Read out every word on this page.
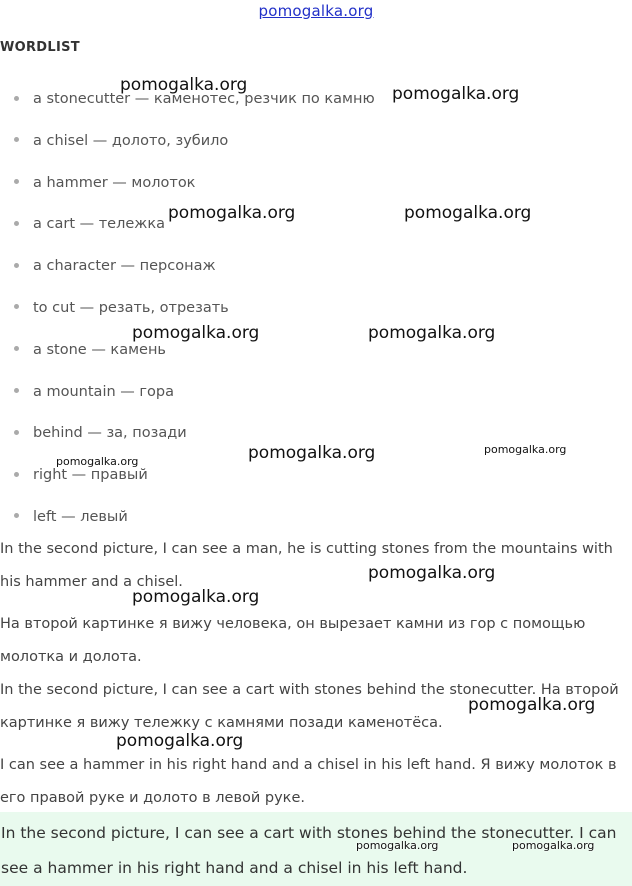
pomogalka.org
WORDLIST
a stonecutter — каменотес, резчик по камню
a chisel — долото, зубило
a hammer — молоток
a cart — тележка
a character — персонаж
to cut — резать, отрезать
a stone — камень
a mountain — гора
behind — за, позади
right — правый
left — левый

In the second picture, I can see a man, he is cutting stones from the mountains with his hammer and a chisel.

На второй картинке я вижу человека, он вырезает камни из гор с помощью молотка и долота.

In the second picture, I can see a cart with stones behind the stonecutter. На второй картинке я вижу тележку с камнями позади каменотёса.

I can see a hammer in his right hand and a chisel in his left hand. Я вижу молоток в его правой руке и долото в левой руке.

In the second picture, I can see a cart with stones behind the stonecutter. I can see a hammer in his right hand and a chisel in his left hand.

pomogalka.org	pomogalka.org
pomogalka.org	pomogalka.org
pomogalka.org	pomogalka.org
pomogalka.org
pomogalka.org
pomogalka.org
pomogalka.org
pomogalka.org
pomogalka.org
pomogalka.org
pomogalka.org	pomogalka.org
